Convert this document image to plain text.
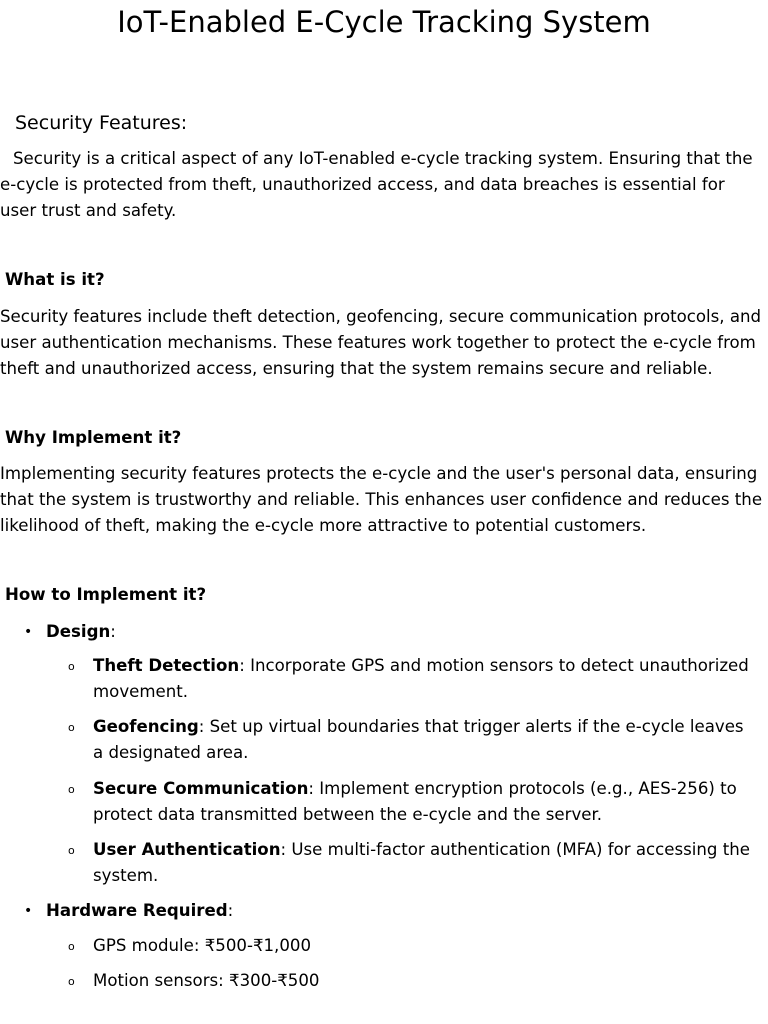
IoT-Enabled E-Cycle Tracking System
Security Features:

Security is a critical aspect of any IoT-enabled e-cycle tracking system. Ensuring that the e-cycle is protected from theft, unauthorized access, and data breaches is essential for user trust and safety.

What is it?

Security features include theft detection, geofencing, secure communication protocols, and user authentication mechanisms. These features work together to protect the e-cycle from theft and unauthorized access, ensuring that the system remains secure and reliable.

Why Implement it?

Implementing security features protects the e-cycle and the user's personal data, ensuring that the system is trustworthy and reliable. This enhances user confidence and reduces the likelihood of theft, making the e-cycle more attractive to potential customers.

How to Implement it?
• Design:
o Theft Detection: Incorporate GPS and motion sensors to detect unauthorized movement.
o Geofencing: Set up virtual boundaries that trigger alerts if the e-cycle leaves a designated area.
o Secure Communication: Implement encryption protocols (e.g., AES-256) to protect data transmitted between the e-cycle and the server.
o User Authentication: Use multi-factor authentication (MFA) for accessing the system.
• Hardware Required:
o GPS module: ₹500-₹1,000
o Motion sensors: ₹300-₹500
